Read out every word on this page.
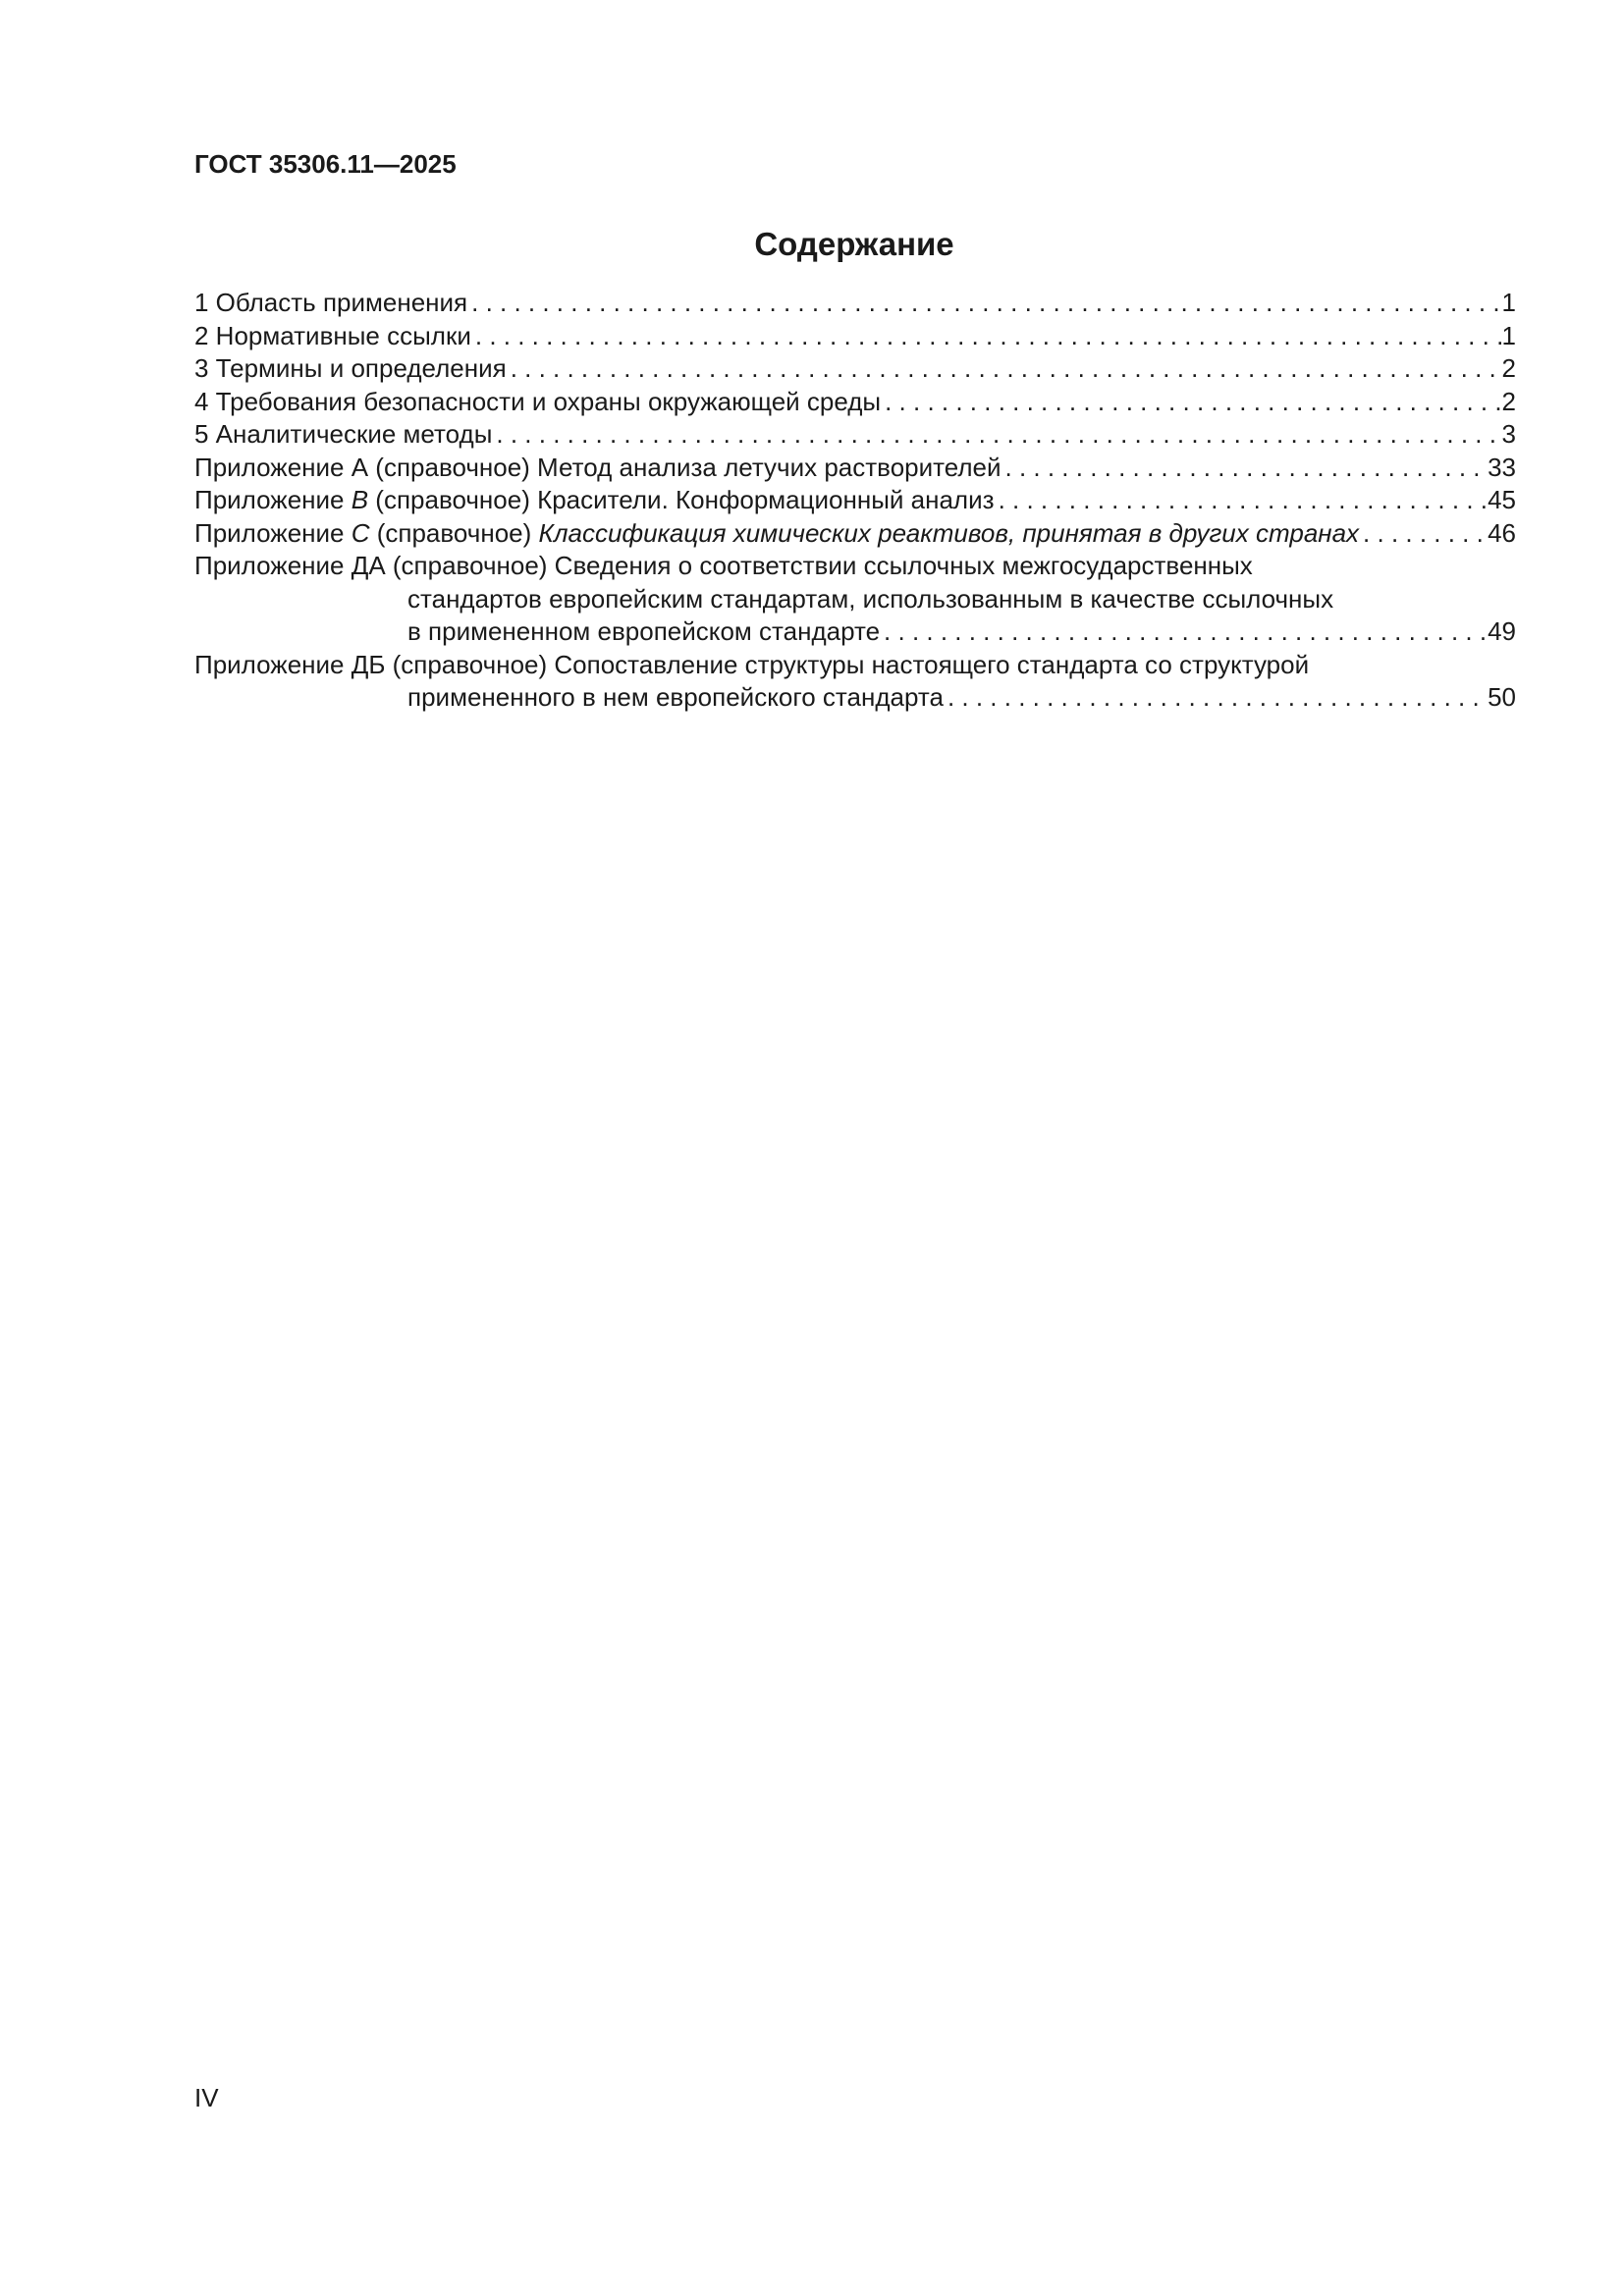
ГОСТ 35306.11—2025
Содержание
1 Область применения . . .	1
2 Нормативные ссылки . . .	1
3 Термины и определения . . .	2
4 Требования безопасности и охраны окружающей среды . . .	2
5 Аналитические методы . . .	3
Приложение А (справочное) Метод анализа летучих растворителей . . .	33
Приложение В (справочное) Красители. Конформационный анализ . . .	45
Приложение С (справочное) Классификация химических реактивов, принятая в других странах . . .	46
Приложение ДА (справочное) Сведения о соответствии ссылочных межгосударственных
стандартов европейским стандартам, использованным в качестве ссылочных
в примененном европейском стандарте . . .	49
Приложение ДБ (справочное) Сопоставление структуры настоящего стандарта со структурой
примененного в нем европейского стандарта . . .	50
IV
